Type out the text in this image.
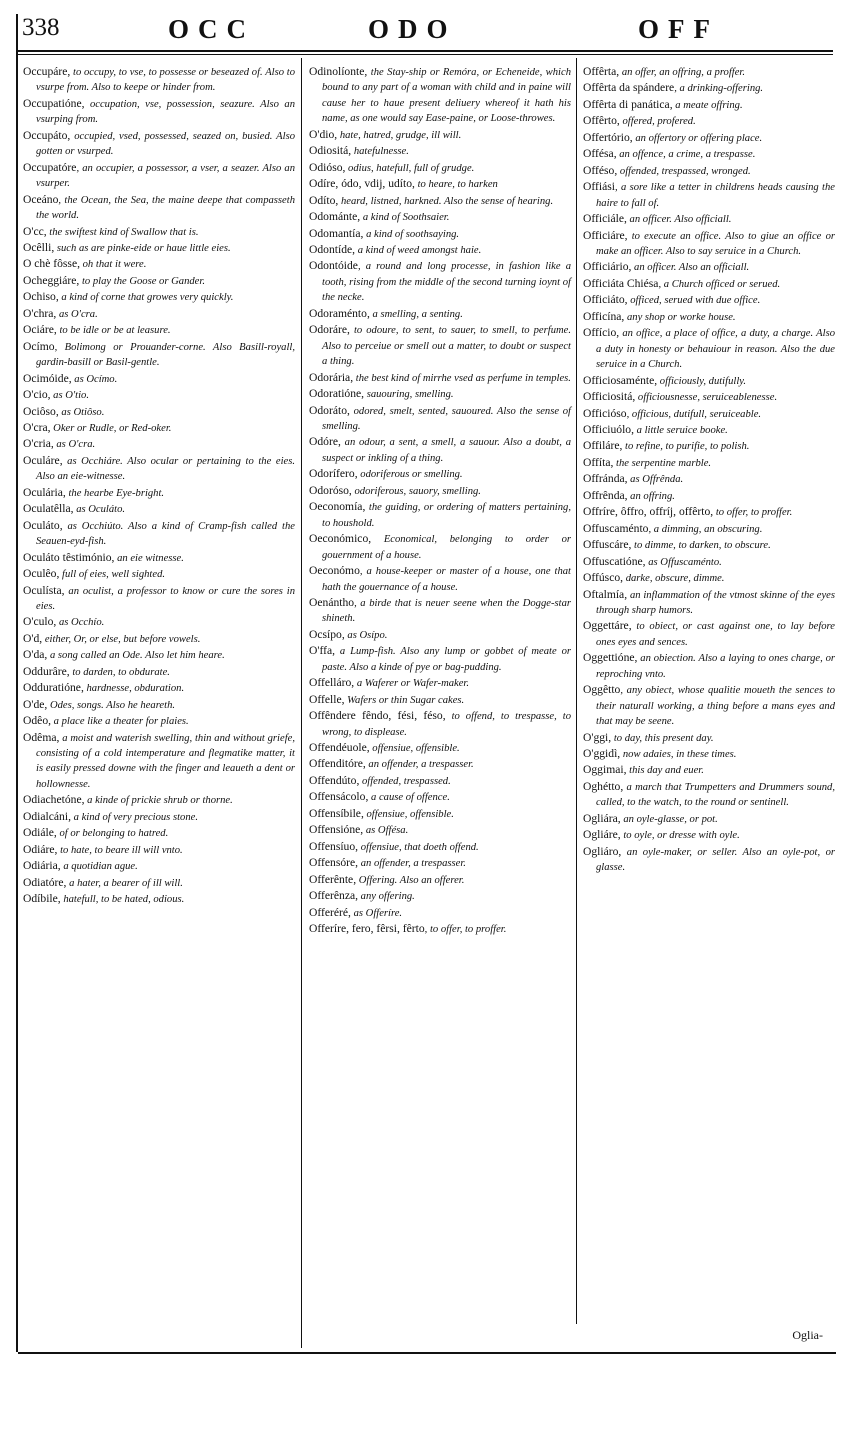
338	OCC	ODO	OFF

Occupáre, to occupy, to vse, to possesse or beseazed of. Also to vsurpe from. Also to keepe or hinder from.

Occupatióne, occupation, vse, possession, seazure. Also an vsurping from.

Occupáto, occupied, vsed, possessed, seazed on, busied. Also gotten or vsurped.

Occupatóre, an occupier, a possessor, a vser, a seazer. Also an vsurper.

Oceáno, the Ocean, the Sea, the maine deepe that compasseth the world.

O'cc, the swiftest kind of Swallow that is.

Ocêlli, such as are pinke-eide or haue little eies.

O chè fôsse, oh that it were.

Ocheggiáre, to play the Goose or Gander.

Ochiso, a kind of corne that growes very quickly.

O'chra, as O'cra.

Ociáre, to be idle or be at leasure.

Ocímo, Bolimong or Prouander-corne. Also Basill-royall, gardin-basill or Basil-gentle.

Ocimóide, as Ocímo.

O'cio, as O'tio.

Ociôso, as Otiôso.

O'cra, Oker or Rudle, or Red-oker.

O'cria, as O'cra.

Oculáre, as Occhiáre. Also ocular or pertaining to the eies. Also an eie-witnesse.

Oculária, the hearbe Eye-bright.

Oculatêlla, as Oculáto.

Oculáto, as Occhiúto. Also a kind of Cramp-fish called the Seauen-eyd-fish.

Oculáto têstimónio, an eie witnesse.

Oculêo, full of eies, well sighted.

Oculísta, an oculist, a professor to know or cure the sores in eies.

O'culo, as Occhío.

O'd, either, Or, or else, but before vowels.

O'da, a song called an Ode. Also let him heare.

Oddurâre, to darden, to obdurate.

Odduratióne, hardnesse, obduration.

O'de, Odes, songs. Also he heareth.

Odêo, a place like a theater for plaies.

Odêma, a moist and waterish swelling, thin and without griefe, consisting of a cold intemperature and flegmatike matter, it is easily pressed downe with the finger and leaueth a dent or hollownesse.

Odiachetóne, a kinde of prickie shrub or thorne.

Odialcáni, a kind of very precious stone.

Odiále, of or belonging to hatred.

Odiáre, to hate, to beare ill will vnto.

Odiária, a quotidian ague.

Odiatóre, a hater, a bearer of ill will.

Odíbile, hatefull, to be hated, odious.

Odinolíonte, the Stay-ship or Remóra, or Echeneide, which bound to any part of a woman with child and in paine will cause her to haue present deliuery whereof it hath his name, as one would say Ease-paine, or Loose-throwes.

O'dio, hate, hatred, grudge, ill will.

Odiositá, hatefulnesse.

Odióso, odius, hatefull, full of grudge.

Odíre, ódo, vdij, udíto, to heare, to harken

Odíto, heard, listned, harkned. Also the sense of hearing.

Odománte, a kind of Soothsaier.

Odomantía, a kind of soothsaying.

Odontíde, a kind of weed amongst haie.

Odontóide, a round and long processe, in fashion like a tooth, rising from the middle of the second turning ioynt of the necke.

Odoraménto, a smelling, a senting.

Odoráre, to odoure, to sent, to sauer, to smell, to perfume. Also to perceiue or smell out a matter, to doubt or suspect a thing.

Odorária, the best kind of mirrhe vsed as perfume in temples.

Odoratióne, sauouring, smelling.

Odoráto, odored, smelt, sented, sauoured. Also the sense of smelling.

Odóre, an odour, a sent, a smell, a sauour. Also a doubt, a suspect or inkling of a thing.

Odorífero, odoriferous or smelling.

Odoróso, odoriferous, sauory, smelling.

Oeconomía, the guiding, or ordering of matters pertaining, to houshold.

Oeconómico, Economical, belonging to order or gouernment of a house.

Oeconómo, a house-keeper or master of a house, one that hath the gouernance of a house.

Oenántho, a birde that is neuer seene when the Dogge-star shineth.

Ocsípo, as Osípo.

O'ffa, a Lump-fish. Also any lump or gobbet of meate or paste. Also a kinde of pye or bag-pudding.

Offelláro, a Waferer or Wafer-maker.

Offelle, Wafers or thin Sugar cakes.

Offêndere fêndo, fési, féso, to offend, to trespasse, to wrong, to displease.

Offendéuole, offensiue, offensible.

Offenditóre, an offender, a trespasser.

Offendúto, offended, trespassed.

Offensácolo, a cause of offence.

Offensíbile, offensiue, offensible.

Offensióne, as Offésa.

Offensíuo, offensiue, that doeth offend.

Offensóre, an offender, a trespasser.

Offerênte, Offering. Also an offerer.

Offerênza, any offering.

Offeréré, as Offeríre.

Offeríre, fero, fêrsi, fêrto, to offer, to proffer.

Offêrta, an offer, an offring, a proffer.

Offêrta da spándere, a drinking-offering.

Offêrta di panática, a meate offring.

Offêrto, offered, profered.

Offertório, an offertory or offering place.

Offésa, an offence, a crime, a trespasse.

Offéso, offended, trespassed, wronged.

Offiási, a sore like a tetter in childrens heads causing the haire to fall of.

Officiále, an officer. Also officiall.

Officiáre, to execute an office. Also to giue an office or make an officer. Also to say seruice in a Church.

Officiário, an officer. Also an officiall.

Officiáta Chiésa, a Church officed or serued.

Officiáto, officed, serued with due office.

Officína, any shop or worke house.

Offício, an office, a place of office, a duty, a charge. Also a duty in honesty or behauiour in reason. Also the due seruice in a Church.

Officiosaménte, officiously, dutifully.

Officiositá, officiousnesse, seruiceablenesse.

Officióso, officious, dutifull, seruiceable.

Officiuólo, a little seruice booke.

Offiláre, to refine, to purifie, to polish.

Offíta, the serpentine marble.

Offránda, as Offrênda.

Offrênda, an offring.

Offríre, ôffro, offríj, offêrto, to offer, to proffer.

Offuscaménto, a dimming, an obscuring.

Offuscáre, to dimme, to darken, to obscure.

Offuscatióne, as Offuscaménto.

Offúsco, darke, obscure, dimme.

Oftalmía, an inflammation of the vtmost skinne of the eyes through sharp humors.

Oggettáre, to obiect, or cast against one, to lay before ones eyes and sences.

Oggettióne, an obiection. Also a laying to ones charge, or reproching vnto.

Oggêtto, any obiect, whose qualitie moueth the sences to their naturall working, a thing before a mans eyes and that may be seene.

O'ggi, to day, this present day.

O'ggidì, now adaies, in these times.

Oggimai, this day and euer.

Oghétto, a march that Trumpetters and Drummers sound, called, to the watch, to the round or sentinell.

Ogliára, an oyle-glasse, or pot.

Ogliáre, to oyle, or dresse with oyle.

Ogliáro, an oyle-maker, or seller. Also an oyle-pot, or glasse.

Oglia-
